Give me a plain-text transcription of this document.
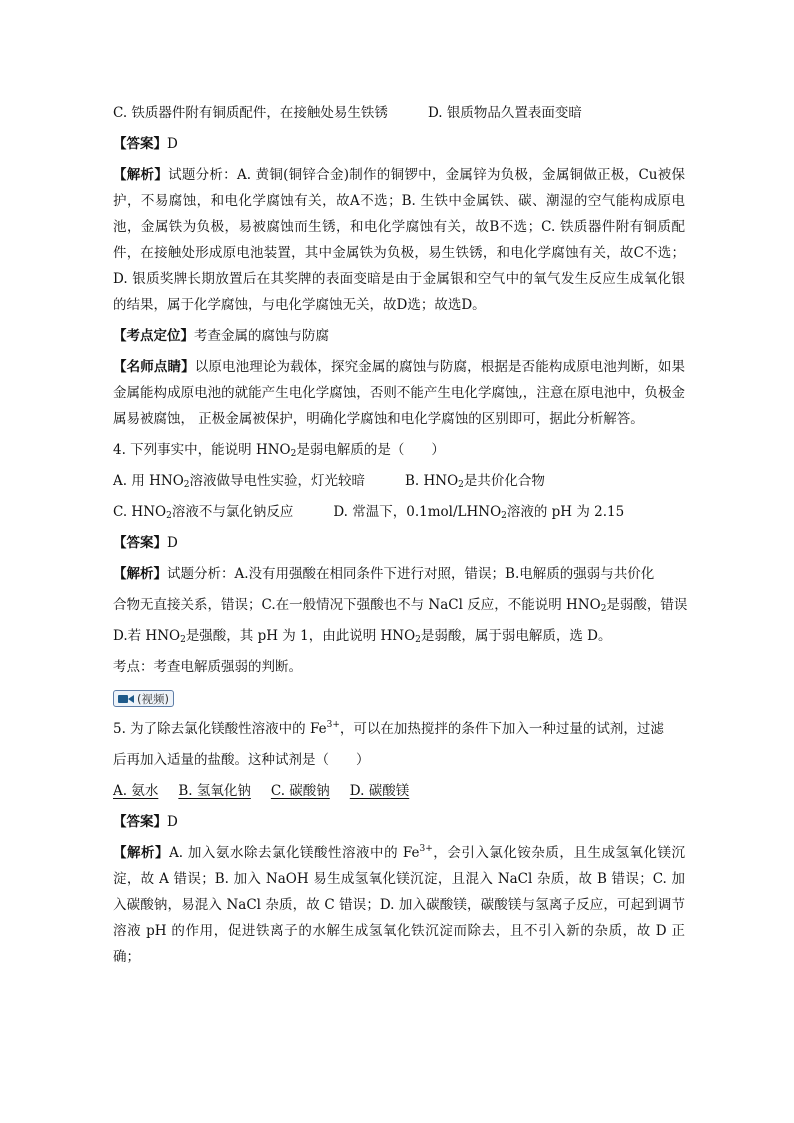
C. 铁质器件附有铜质配件，在接触处易生铁锈	D. 银质物品久置表面变暗

【答案】D

【解析】试题分析：A. 黄铜(铜锌合金)制作的铜锣中，金属锌为负极，金属铜做正极，Cu被保护，不易腐蚀，和电化学腐蚀有关，故A不选；B. 生铁中金属铁、碳、潮湿的空气能构成原电池，金属铁为负极，易被腐蚀而生锈，和电化学腐蚀有关，故B不选；C. 铁质器件附有铜质配件，在接触处形成原电池装置，其中金属铁为负极，易生铁锈，和电化学腐蚀有关，故C不选；D. 银质奖牌长期放置后在其奖牌的表面变暗是由于金属银和空气中的氧气发生反应生成氧化银的结果，属于化学腐蚀，与电化学腐蚀无关，故D选；故选D。

【考点定位】考查金属的腐蚀与防腐

【名师点睛】以原电池理论为载体，探究金属的腐蚀与防腐，根据是否能构成原电池判断，如果金属能构成原电池的就能产生电化学腐蚀，否则不能产生电化学腐蚀,，注意在原电池中，负极金属易被腐蚀， 正极金属被保护，明确化学腐蚀和电化学腐蚀的区别即可，据此分析解答。

4. 下列事实中，能说明 $HNO_2$是弱电解质的是（　　）

A. 用 $HNO_2$溶液做导电性实验，灯光较暗	B. $HNO_2$是共价化合物

C. $HNO_2$溶液不与氯化钠反应	D. 常温下，$0.1mol/LHNO_2$溶液的 pH 为 2.15

【答案】D

【解析】试题分析：A.没有用强酸在相同条件下进行对照，错误；B.电解质的强弱与共价化

合物无直接关系，错误；C.在一般情况下强酸也不与 NaCl 反应，不能说明 $HNO_2$是弱酸，错误

D.若 $HNO_2$是强酸，其 pH 为 1，由此说明 $HNO_2$是弱酸，属于弱电解质，选 D。

考点：考查电解质强弱的判断。

(视频)

5. 为了除去氯化镁酸性溶液中的 $Fe^{3+}$，可以在加热搅拌的条件下加入一种过量的试剂，过滤

后再加入适量的盐酸。这种试剂是（　　）

A. 氨水 B. 氢氧化钠 C. 碳酸钠 D. 碳酸镁

【答案】D

【解析】A. 加入氨水除去氯化镁酸性溶液中的 $Fe^{3+}$，会引入氯化铵杂质，且生成氢氧化镁沉淀，故 A 错误；B. 加入 NaOH 易生成氢氧化镁沉淀，且混入 NaCl 杂质，故 B 错误；C. 加入碳酸钠，易混入 NaCl 杂质，故 C 错误；D. 加入碳酸镁，碳酸镁与氢离子反应，可起到调节溶液 pH 的作用，促进铁离子的水解生成氢氧化铁沉淀而除去，且不引入新的杂质，故 D 正确；
